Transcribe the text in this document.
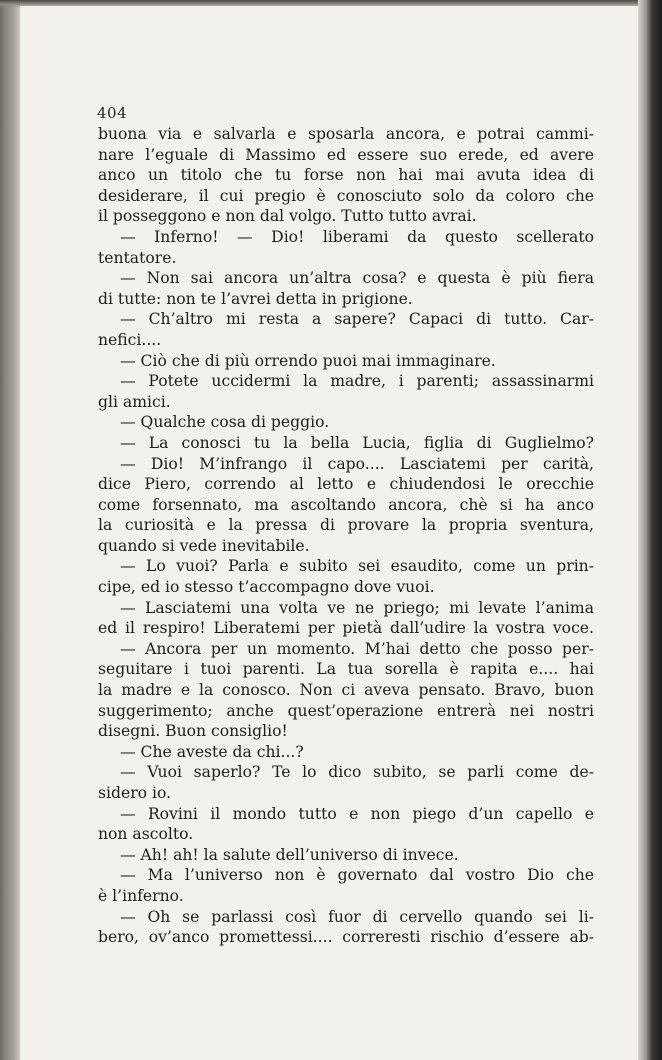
404
buona via e salvarla e sposarla ancora, e potrai cammi-
nare l’eguale di Massimo ed essere suo erede, ed avere
anco un titolo che tu forse non hai mai avuta idea di
desiderare, il cui pregio è conosciuto solo da coloro che
il posseggono e non dal volgo. Tutto tutto avrai.
— Inferno! — Dio! liberami da questo scellerato
tentatore.
— Non sai ancora un’altra cosa? e questa è più fiera
di tutte: non te l’avrei detta in prigione.
— Ch’altro mi resta a sapere? Capaci di tutto. Car-
nefici....
— Ciò che di più orrendo puoi mai immaginare.
— Potete uccidermi la madre, i parenti; assassinarmi
gli amici.
— Qualche cosa di peggio.
— La conosci tu la bella Lucia, figlia di Guglielmo?
— Dio! M’infrango il capo.... Lasciatemi per carità,
dice Piero, correndo al letto e chiudendosi le orecchie
come forsennato, ma ascoltando ancora, chè si ha anco
la curiosità e la pressa di provare la propria sventura,
quando si vede inevitabile.
— Lo vuoi? Parla e subito sei esaudito, come un prin-
cipe, ed io stesso t’accompagno dove vuoi.
— Lasciatemi una volta ve ne priego; mi levate l’anima
ed il respiro! Liberatemi per pietà dall’udire la vostra voce.
— Ancora per un momento. M’hai detto che posso per-
seguitare i tuoi parenti. La tua sorella è rapita e.... hai
la madre e la conosco. Non ci aveva pensato. Bravo, buon
suggerimento; anche quest’operazione entrerà nei nostri
disegni. Buon consiglio!
— Che aveste da chi...?
— Vuoi saperlo? Te lo dico subito, se parli come de-
sidero io.
— Rovini il mondo tutto e non piego d’un capello e
non ascolto.
— Ah! ah! la salute dell’universo di invece.
— Ma l’universo non è governato dal vostro Dio che
è l’inferno.
— Oh se parlassi così fuor di cervello quando sei li-
bero, ov’anco promettessi.... correresti rischio d’essere ab-
